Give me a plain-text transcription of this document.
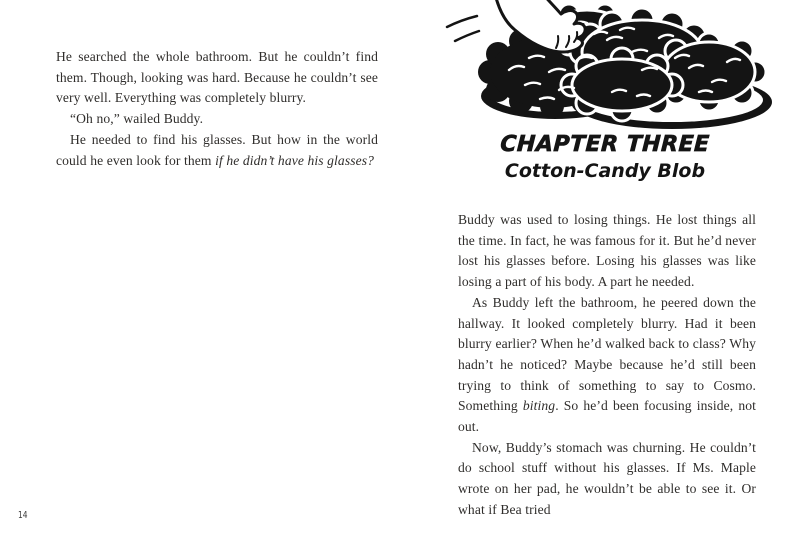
He searched the whole bathroom. But he couldn’t find them. Though, looking was hard. Because he couldn’t see very well. Everything was completely blurry.

“Oh no,” wailed Buddy.

He needed to find his glasses. But how in the world could he even look for them if he didn’t have his glasses?

14
CHAPTER THREE
Cotton-Candy Blob

Buddy was used to losing things. He lost things all the time. In fact, he was famous for it. But he’d never lost his glasses before. Losing his glasses was like losing a part of his body. A part he needed.

As Buddy left the bathroom, he peered down the hallway. It looked completely blurry. Had it been blurry earlier? When he’d walked back to class? Why hadn’t he noticed? Maybe because he’d still been trying to think of something to say to Cosmo. Something biting. So he’d been focusing inside, not out.

Now, Buddy’s stomach was churning. He couldn’t do school stuff without his glasses. If Ms. Maple wrote on her pad, he wouldn’t be able to see it. Or what if Bea tried
